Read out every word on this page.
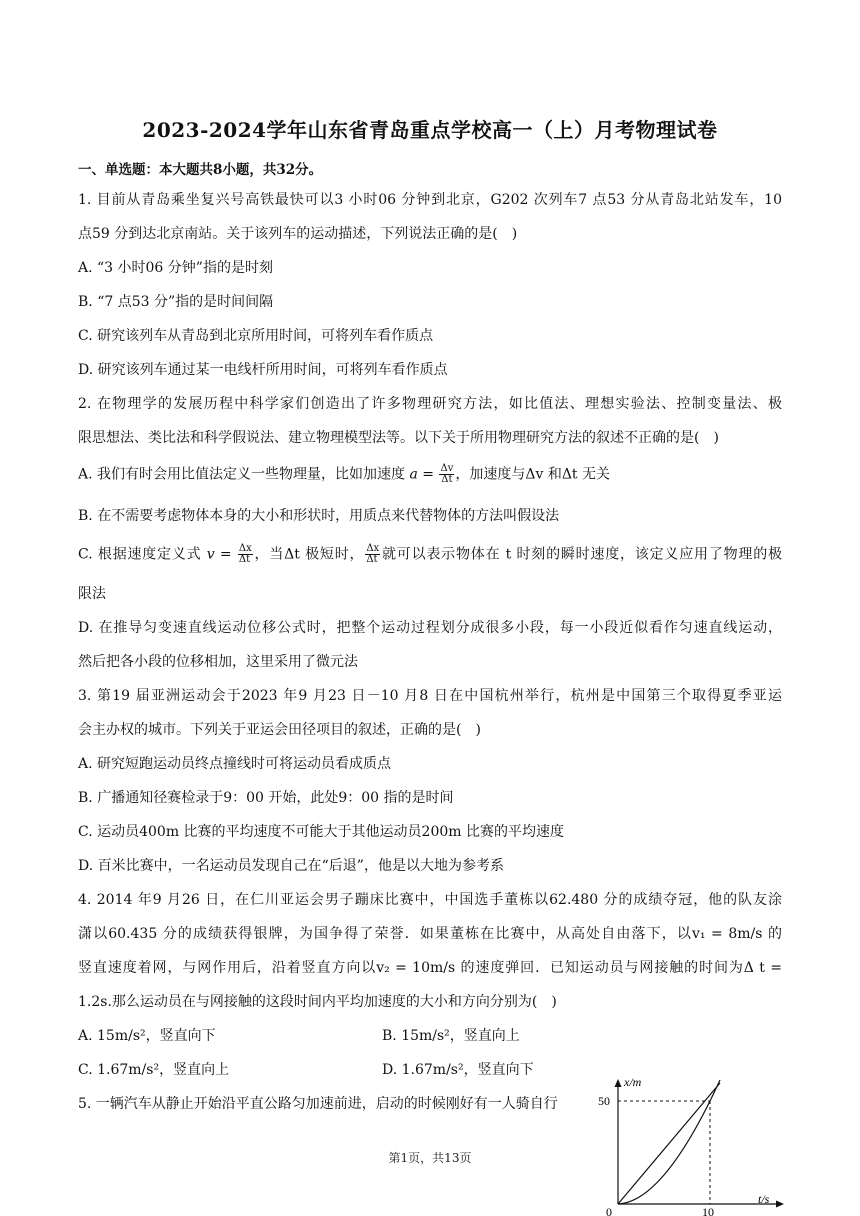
2023-2024学年山东省青岛重点学校高一（上）月考物理试卷
一、单选题：本大题共8小题，共32分。
1. 目前从青岛乘坐复兴号高铁最快可以3 小时06 分钟到北京，G202 次列车7 点53 分从青岛北站发车，10
点59 分到达北京南站。关于该列车的运动描述，下列说法正确的是(　)
A. “3 小时06 分钟”指的是时刻
B. “7 点53 分”指的是时间间隔
C. 研究该列车从青岛到北京所用时间，可将列车看作质点
D. 研究该列车通过某一电线杆所用时间，可将列车看作质点
2. 在物理学的发展历程中科学家们创造出了许多物理研究方法，如比值法、理想实验法、控制变量法、极
限思想法、类比法和科学假说法、建立物理模型法等。以下关于所用物理研究方法的叙述不正确的是(　)
A. 我们有时会用比值法定义一些物理量，比如加速度 $a = \frac{\Delta v}{\Delta t}$ ，加速度与Δv 和Δt 无关
B. 在不需要考虑物体本身的大小和形状时，用质点来代替物体的方法叫假设法
C. 根据速度定义式 $v = \frac{\Delta x}{\Delta t}$ ，当Δt 极短时， $\frac{\Delta x}{\Delta t}$ 就可以表示物体在 t 时刻的瞬时速度，该定义应用了物理的极
限法
D. 在推导匀变速直线运动位移公式时，把整个运动过程划分成很多小段，每一小段近似看作匀速直线运动，
然后把各小段的位移相加，这里采用了微元法
3. 第19 届亚洲运动会于2023 年9 月23 日－10 月8 日在中国杭州举行，杭州是中国第三个取得夏季亚运
会主办权的城市。下列关于亚运会田径项目的叙述，正确的是(　)
A. 研究短跑运动员终点撞线时可将运动员看成质点
B. 广播通知径赛检录于9：00 开始，此处9：00 指的是时间
C. 运动员400m 比赛的平均速度不可能大于其他运动员200m 比赛的平均速度
D. 百米比赛中，一名运动员发现自己在“后退”，他是以大地为参考系
4. 2014 年9 月26 日，在仁川亚运会男子蹦床比赛中，中国选手董栋以62.480 分的成绩夺冠，他的队友涂
潇以60.435 分的成绩获得银牌，为国争得了荣誉．如果董栋在比赛中，从高处自由落下，以v₁ = 8m/s 的
竖直速度着网，与网作用后，沿着竖直方向以v₂ = 10m/s 的速度弹回．已知运动员与网接触的时间为Δ t =
1.2s.那么运动员在与网接触的这段时间内平均加速度的大小和方向分别为(　)
A. 15m/s²，竖直向下	B. 15m/s²，竖直向上
C. 1.67m/s²，竖直向上	D. 1.67m/s²，竖直向下
5. 一辆汽车从静止开始沿平直公路匀加速前进，启动的时候刚好有一人骑自行
x/m
t/s
0
50
10
第1页，共13页
